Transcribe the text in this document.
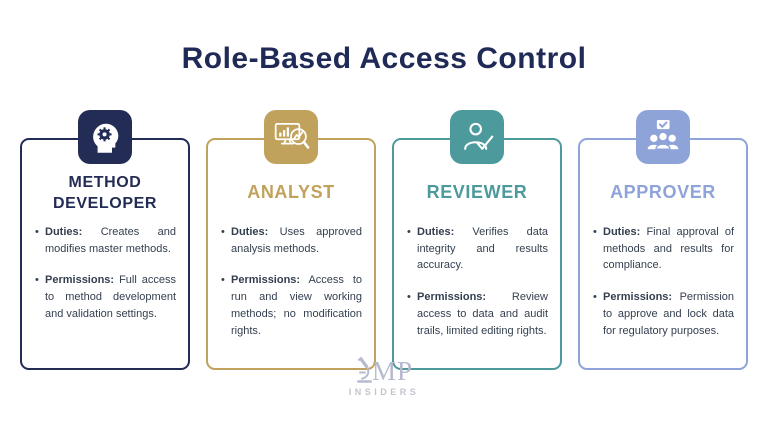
Role-Based Access Control
METHOD DEVELOPER

• Duties: Creates and modifies master methods.

• Permissions: Full access to method development and validation settings.

ANALYST

• Duties: Uses approved analysis methods.

• Permissions: Access to run and view working methods; no modification rights.

REVIEWER

• Duties: Verifies data integrity and results accuracy.

• Permissions: Review access to data and audit trails, limited editing rights.

APPROVER

• Duties: Final approval of methods and results for compliance.

• Permissions: Permission to approve and lock data for regulatory purposes.

MP
INSIDERS
